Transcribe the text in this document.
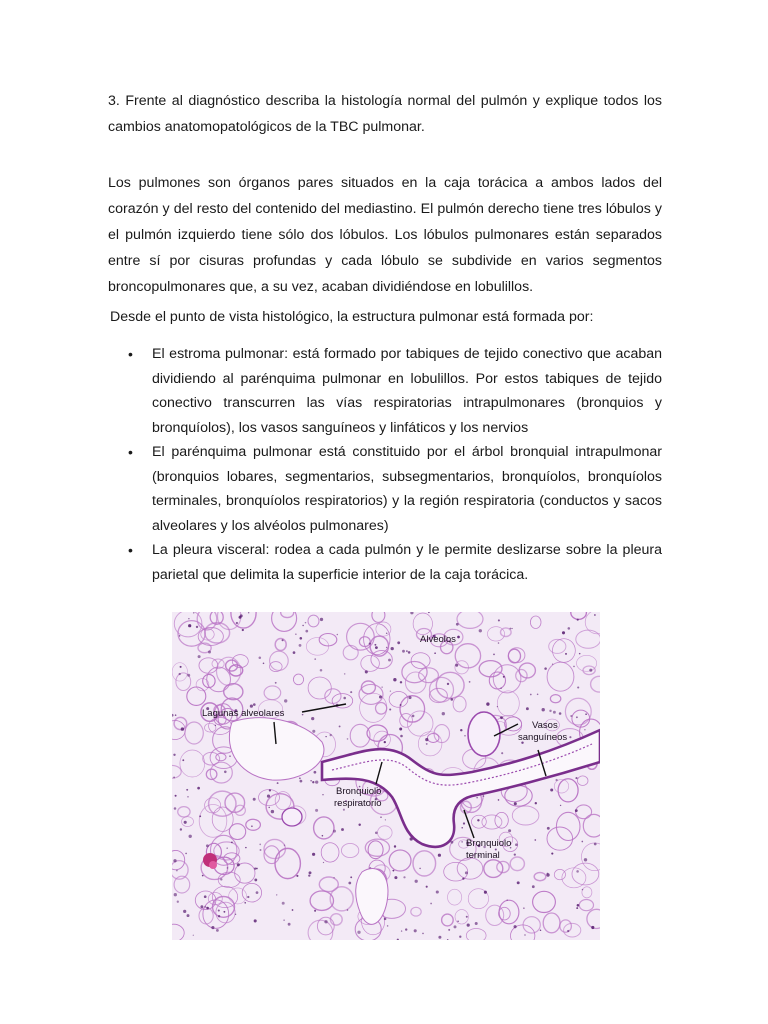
3. Frente al diagnóstico describa la histología normal del pulmón y explique todos los cambios anatomopatológicos de la TBC pulmonar.

Los pulmones son órganos pares situados en la caja torácica a ambos lados del corazón y del resto del contenido del mediastino. El pulmón derecho tiene tres lóbulos y el pulmón izquierdo tiene sólo dos lóbulos. Los lóbulos pulmonares están separados entre sí por cisuras profundas y cada lóbulo se subdivide en varios segmentos broncopulmonares que, a su vez, acaban dividiéndose en lobulillos.

Desde el punto de vista histológico, la estructura pulmonar está formada por:

• El estroma pulmonar: está formado por tabiques de tejido conectivo que acaban dividiendo al parénquima pulmonar en lobulillos. Por estos tabiques de tejido conectivo transcurren las vías respiratorias intrapulmonares (bronquios y bronquíolos), los vasos sanguíneos y linfáticos y los nervios
• El parénquima pulmonar está constituido por el árbol bronquial intrapulmonar (bronquios lobares, segmentarios, subsegmentarios, bronquíolos, bronquíolos terminales, bronquíolos respiratorios) y la región respiratoria (conductos y sacos alveolares y los alvéolos pulmonares)
• La pleura visceral: rodea a cada pulmón y le permite deslizarse sobre la pleura parietal que delimita la superficie interior de la caja torácica.
Alveolos
Lagunas alveolares
Vasos
sanguíneos
Bronquiolo
respiratorio
Bronquiolo
terminal
